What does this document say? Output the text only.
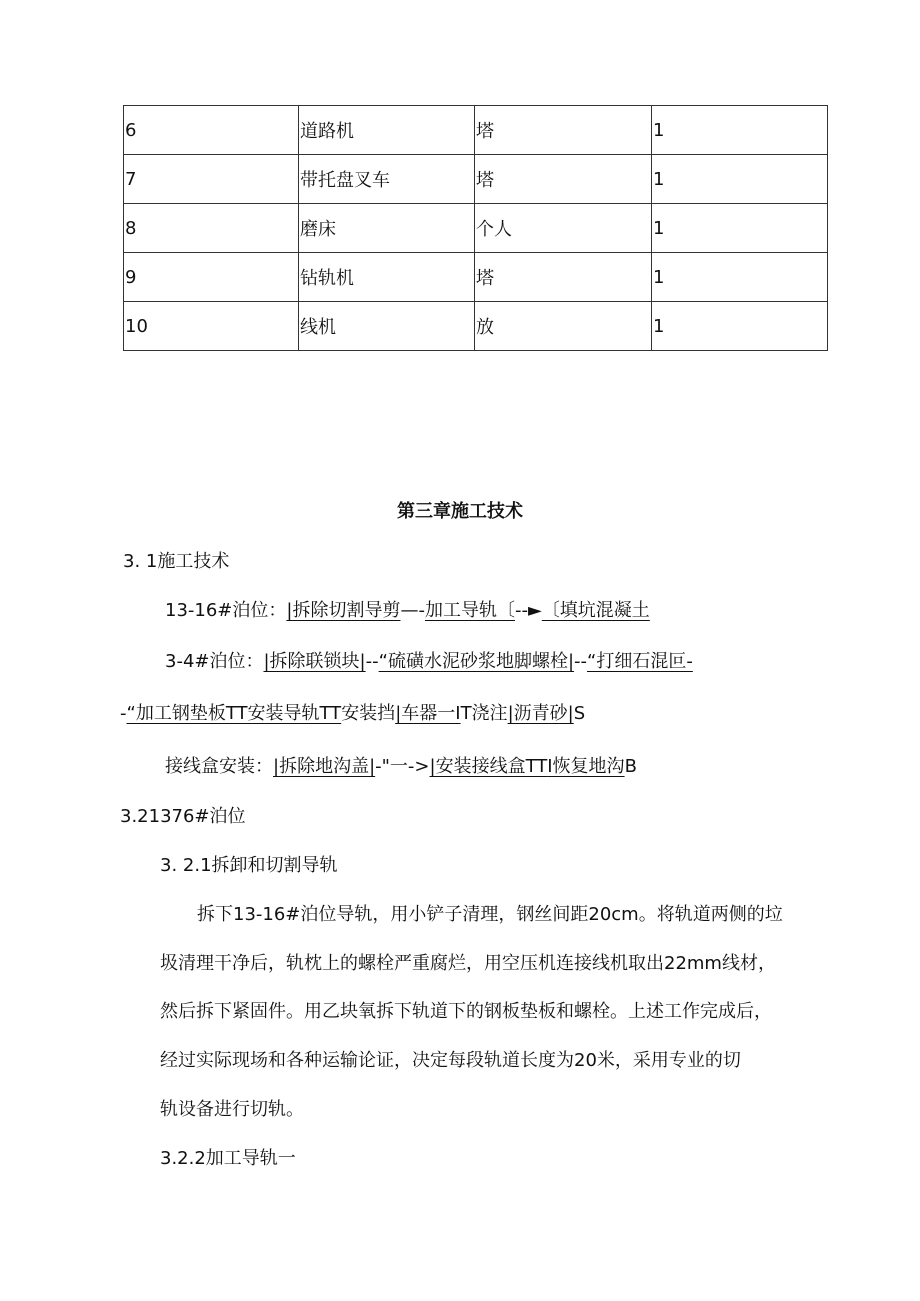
6	道路机	塔	1
7	带托盘叉车	塔	1
8	磨床	个人	1
9	钻轨机	塔	1
10	线机	放	1
第三章施工技术
3. 1施工技术
13-16#泊位：|拆除切割导剪—-加工导轨〔--►〔填坑混凝土
3-4#泊位：|拆除联锁块|--“硫磺水泥砂浆地脚螺栓|--“打细石混叵-
-“加工钢垫板TT安装导轨TT安装挡|车器一IT浇注|沥青砂|S
接线盒安装：|拆除地沟盖|-"一->|安装接线盒TTI恢复地沟B
3.21376#泊位
3. 2.1拆卸和切割导轨
拆下13-16#泊位导轨，用小铲子清理，钢丝间距20cm。将轨道两侧的垃
圾清理干净后，轨枕上的螺栓严重腐烂，用空压机连接线机取出22mm线材，
然后拆下紧固件。用乙块氧拆下轨道下的钢板垫板和螺栓。上述工作完成后，
经过实际现场和各种运输论证，决定每段轨道长度为20米，采用专业的切
轨设备进行切轨。
3.2.2加工导轨一
